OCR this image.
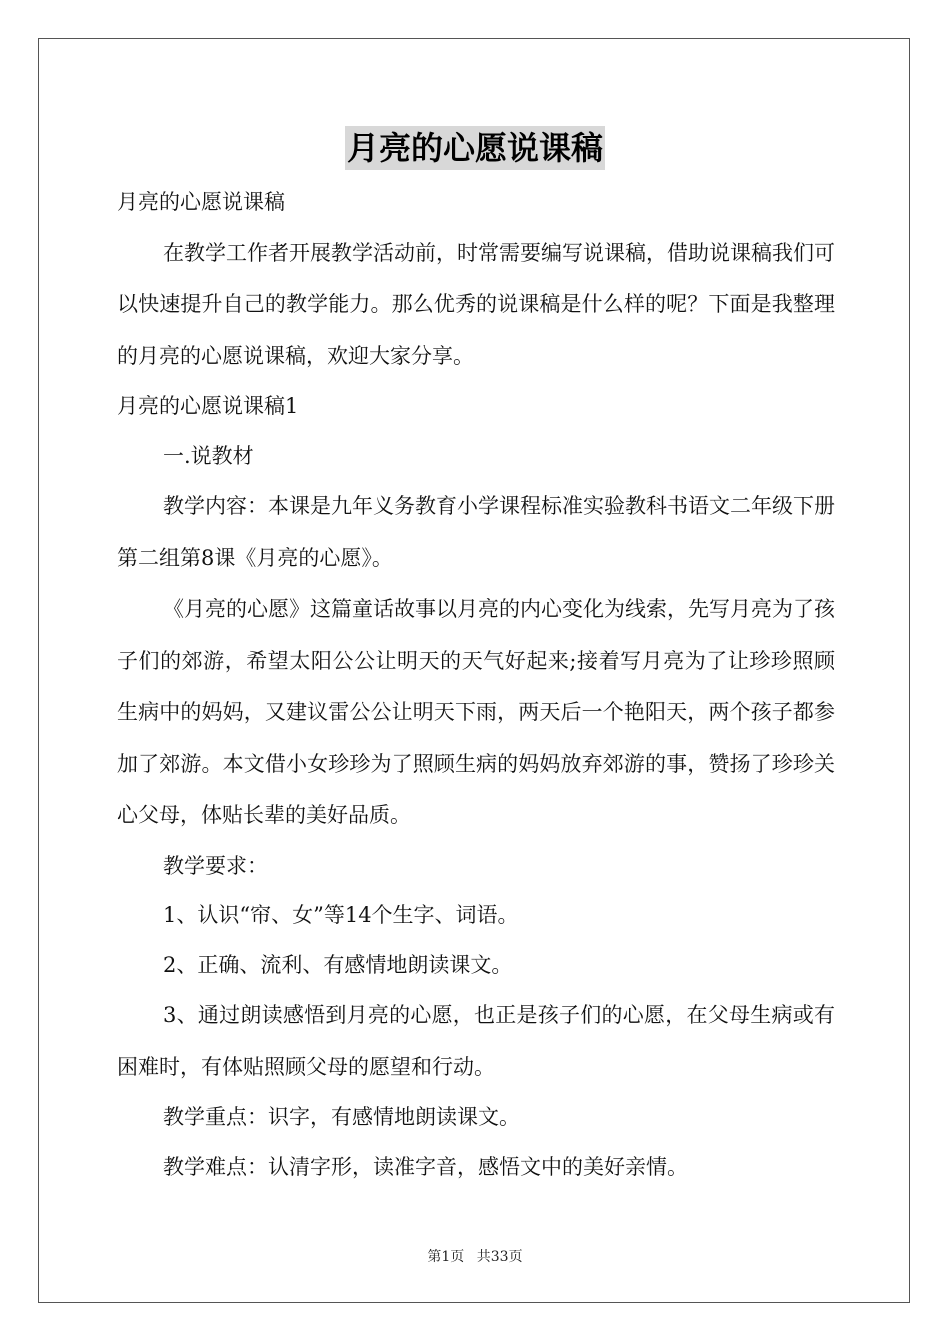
月亮的心愿说课稿
月亮的心愿说课稿
在教学工作者开展教学活动前，时常需要编写说课稿，借助说课稿我们可以快速提升自己的教学能力。那么优秀的说课稿是什么样的呢？下面是我整理的月亮的心愿说课稿，欢迎大家分享。
月亮的心愿说课稿1
一.说教材
教学内容：本课是九年义务教育小学课程标准实验教科书语文二年级下册第二组第8课《月亮的心愿》。
《月亮的心愿》这篇童话故事以月亮的内心变化为线索，先写月亮为了孩子们的郊游，希望太阳公公让明天的天气好起来;接着写月亮为了让珍珍照顾生病中的妈妈，又建议雷公公让明天下雨，两天后一个艳阳天，两个孩子都参加了郊游。本文借小女珍珍为了照顾生病的妈妈放弃郊游的事，赞扬了珍珍关心父母，体贴长辈的美好品质。
教学要求：
1、认识“帘、女”等14个生字、词语。
2、正确、流利、有感情地朗读课文。
3、通过朗读感悟到月亮的心愿，也正是孩子们的心愿，在父母生病或有困难时，有体贴照顾父母的愿望和行动。
教学重点：识字，有感情地朗读课文。
教学难点：认清字形，读准字音，感悟文中的美好亲情。
第1页 共33页
